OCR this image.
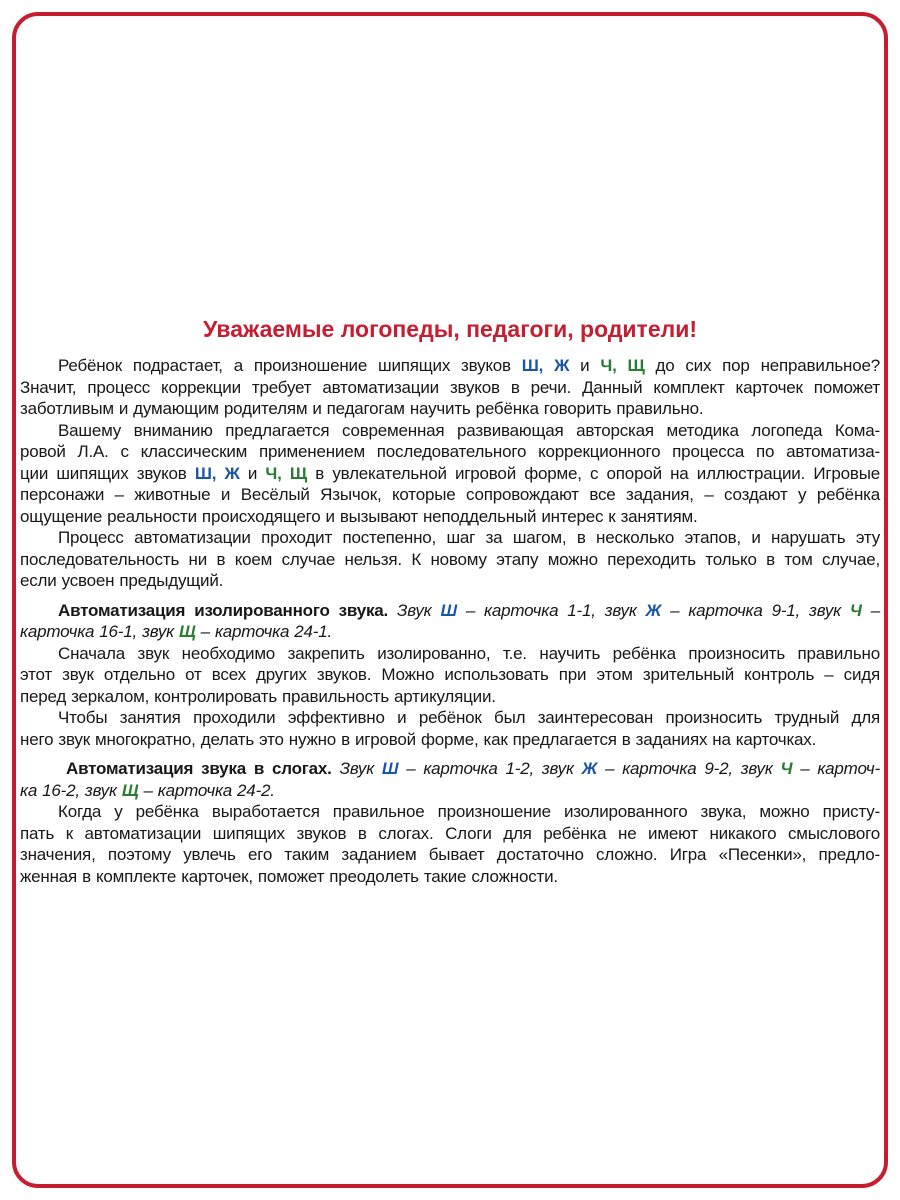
Уважаемые логопеды, педагоги, родители!
Ребёнок подрастает, а произношение шипящих звуков Ш, Ж и Ч, Щ до сих пор неправильное?
Значит, процесс коррекции требует автоматизации звуков в речи. Данный комплект карточек поможет
заботливым и думающим родителям и педагогам научить ребёнка говорить правильно.
Вашему вниманию предлагается современная развивающая авторская методика логопеда Кома-
ровой Л.А. с классическим применением последовательного коррекционного процесса по автоматиза-
ции шипящих звуков Ш, Ж и Ч, Щ в увлекательной игровой форме, с опорой на иллюстрации. Игровые
персонажи – животные и Весёлый Язычок, которые сопровождают все задания, – создают у ребёнка
ощущение реальности происходящего и вызывают неподдельный интерес к занятиям.
Процесс автоматизации проходит постепенно, шаг за шагом, в несколько этапов, и нарушать эту
последовательность ни в коем случае нельзя. К новому этапу можно переходить только в том случае,
если усвоен предыдущий.
Автоматизация изолированного звука. Звук Ш – карточка 1-1, звук Ж – карточка 9-1, звук Ч –
карточка 16-1, звук Щ – карточка 24-1.
Сначала звук необходимо закрепить изолированно, т.е. научить ребёнка произносить правильно
этот звук отдельно от всех других звуков. Можно использовать при этом зрительный контроль – сидя
перед зеркалом, контролировать правильность артикуляции.
Чтобы занятия проходили эффективно и ребёнок был заинтересован произносить трудный для
него звук многократно, делать это нужно в игровой форме, как предлагается в заданиях на карточках.
Автоматизация звука в слогах. Звук Ш – карточка 1-2, звук Ж – карточка 9-2, звук Ч – карточ-
ка 16-2, звук Щ – карточка 24-2.
Когда у ребёнка выработается правильное произношение изолированного звука, можно присту-
пать к автоматизации шипящих звуков в слогах. Слоги для ребёнка не имеют никакого смыслового
значения, поэтому увлечь его таким заданием бывает достаточно сложно. Игра «Песенки», предло-
женная в комплекте карточек, поможет преодолеть такие сложности.
